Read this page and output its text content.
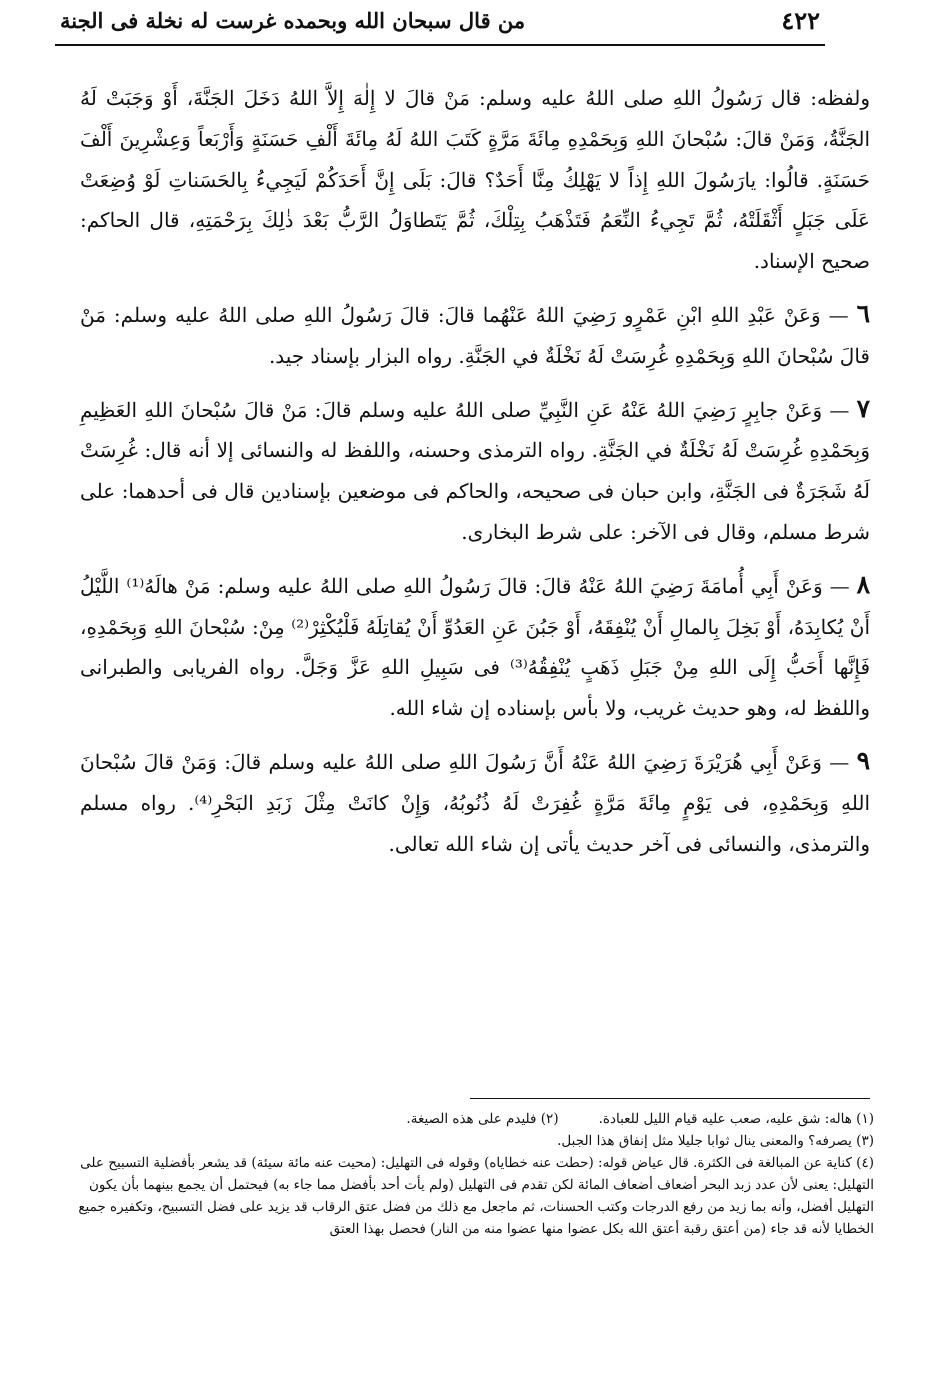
٤٢٢
من قال سبحان الله وبحمده غرست له نخلة فى الجنة

ولفظه: قال رَسُولُ اللهِ صلى اللهُ عليه وسلم: مَنْ قالَ لا إِلٰهَ إِلاَّ اللهُ دَخَلَ الجَنَّةَ، أَوْ وَجَبَتْ لَهُ الجَنَّةُ، وَمَنْ قالَ: سُبْحانَ اللهِ وَبِحَمْدِهِ مِائَةَ مَرَّةٍ كَتَبَ اللهُ لَهُ مِائَةَ أَلْفِ حَسَنَةٍ وَأَرْبَعاً وَعِشْرِينَ أَلْفَ حَسَنَةٍ. قالُوا: يارَسُولَ اللهِ إِذاً لا يَهْلِكُ مِنَّا أَحَدٌ؟ قالَ: بَلَى إِنَّ أَحَدَكُمْ لَيَجِيءُ بِالحَسَناتِ لَوْ وُضِعَتْ عَلَى جَبَلٍ أَثْقَلَتْهُ، ثُمَّ تَجِيءُ النِّعَمُ فَتَذْهَبُ بِتِلْكَ، ثُمَّ يَتَطاوَلُ الرَّبُّ بَعْدَ ذٰلِكَ بِرَحْمَتِهِ، قال الحاكم: صحيح الإسناد.

٦ — وَعَنْ عَبْدِ اللهِ ابْنِ عَمْرٍو رَضِيَ اللهُ عَنْهُما قالَ: قالَ رَسُولُ اللهِ صلى اللهُ عليه وسلم: مَنْ قالَ سُبْحانَ اللهِ وَبِحَمْدِهِ غُرِسَتْ لَهُ نَخْلَةٌ في الجَنَّةِ. رواه البزار بإسناد جيد.

٧ — وَعَنْ جابِرٍ رَضِيَ اللهُ عَنْهُ عَنِ النَّبِيِّ صلى اللهُ عليه وسلم قالَ: مَنْ قالَ سُبْحانَ اللهِ العَظِيمِ وَبِحَمْدِهِ غُرِسَتْ لَهُ نَخْلَةٌ في الجَنَّةِ. رواه الترمذى وحسنه، واللفظ له والنسائى إلا أنه قال: غُرِسَتْ لَهُ شَجَرَةٌ فى الجَنَّةِ، وابن حبان فى صحيحه، والحاكم فى موضعين بإسنادين قال فى أحدهما: على شرط مسلم، وقال فى الآخر: على شرط البخارى.

٨ — وَعَنْ أَبِي أُمامَةَ رَضِيَ اللهُ عَنْهُ قالَ: قالَ رَسُولُ اللهِ صلى اللهُ عليه وسلم: مَنْ هالَهُ⁽¹⁾ اللَّيْلُ أَنْ يُكابِدَهُ، أَوْ بَخِلَ بِالمالِ أَنْ يُنْفِقَهُ، أَوْ جَبُنَ عَنِ العَدُوِّ أَنْ يُقاتِلَهُ فَلْيُكْثِرْ⁽²⁾ مِنْ: سُبْحانَ اللهِ وَبِحَمْدِهِ، فَإِنَّها أَحَبُّ إِلَى اللهِ مِنْ جَبَلِ ذَهَبٍ يُنْفِقُهُ⁽³⁾ فى سَبِيلِ اللهِ عَزَّ وَجَلَّ. رواه الفريابى والطبرانى واللفظ له، وهو حديث غريب، ولا بأس بإسناده إن شاء الله.

٩ — وَعَنْ أَبِي هُرَيْرَةَ رَضِيَ اللهُ عَنْهُ أَنَّ رَسُولَ اللهِ صلى اللهُ عليه وسلم قالَ: وَمَنْ قالَ سُبْحانَ اللهِ وَبِحَمْدِهِ، فى يَوْمٍ مِائَةَ مَرَّةٍ غُفِرَتْ لَهُ ذُنُوبُهُ، وَإِنْ كانَتْ مِثْلَ زَبَدِ البَحْرِ⁽⁴⁾. رواه مسلم والترمذى، والنسائى فى آخر حديث يأتى إن شاء الله تعالى.

(١) هاله: شق عليه، صعب عليه قيام الليل للعبادة.

(٢) فليدم على هذه الصيغة.

(٣) يصرفه؟ والمعنى ينال ثوابا جليلا مثل إنفاق هذا الجبل.

(٤) كناية عن المبالغة فى الكثرة. قال عياض قوله: (حطت عنه خطاياه) وقوله فى التهليل: (محيت عنه مائة سيئة) قد يشعر بأفضلية التسبيح على التهليل: يعنى لأن عدد زبد البحر أضعاف أضعاف المائة لكن تقدم فى التهليل (ولم يأت أحد بأفضل مما جاء به) فيحتمل أن يجمع بينهما بأن يكون التهليل أفضل، وأنه بما زيد من رفع الدرجات وكتب الحسنات، ثم ماجعل مع ذلك من فضل عتق الرقاب قد يزيد على فضل التسبيح، وتكفيره جميع الخطايا لأنه قد جاء (من أعتق رقبة أعتق الله بكل عضوا منها عضوا منه من النار) فحصل بهذا العتق
